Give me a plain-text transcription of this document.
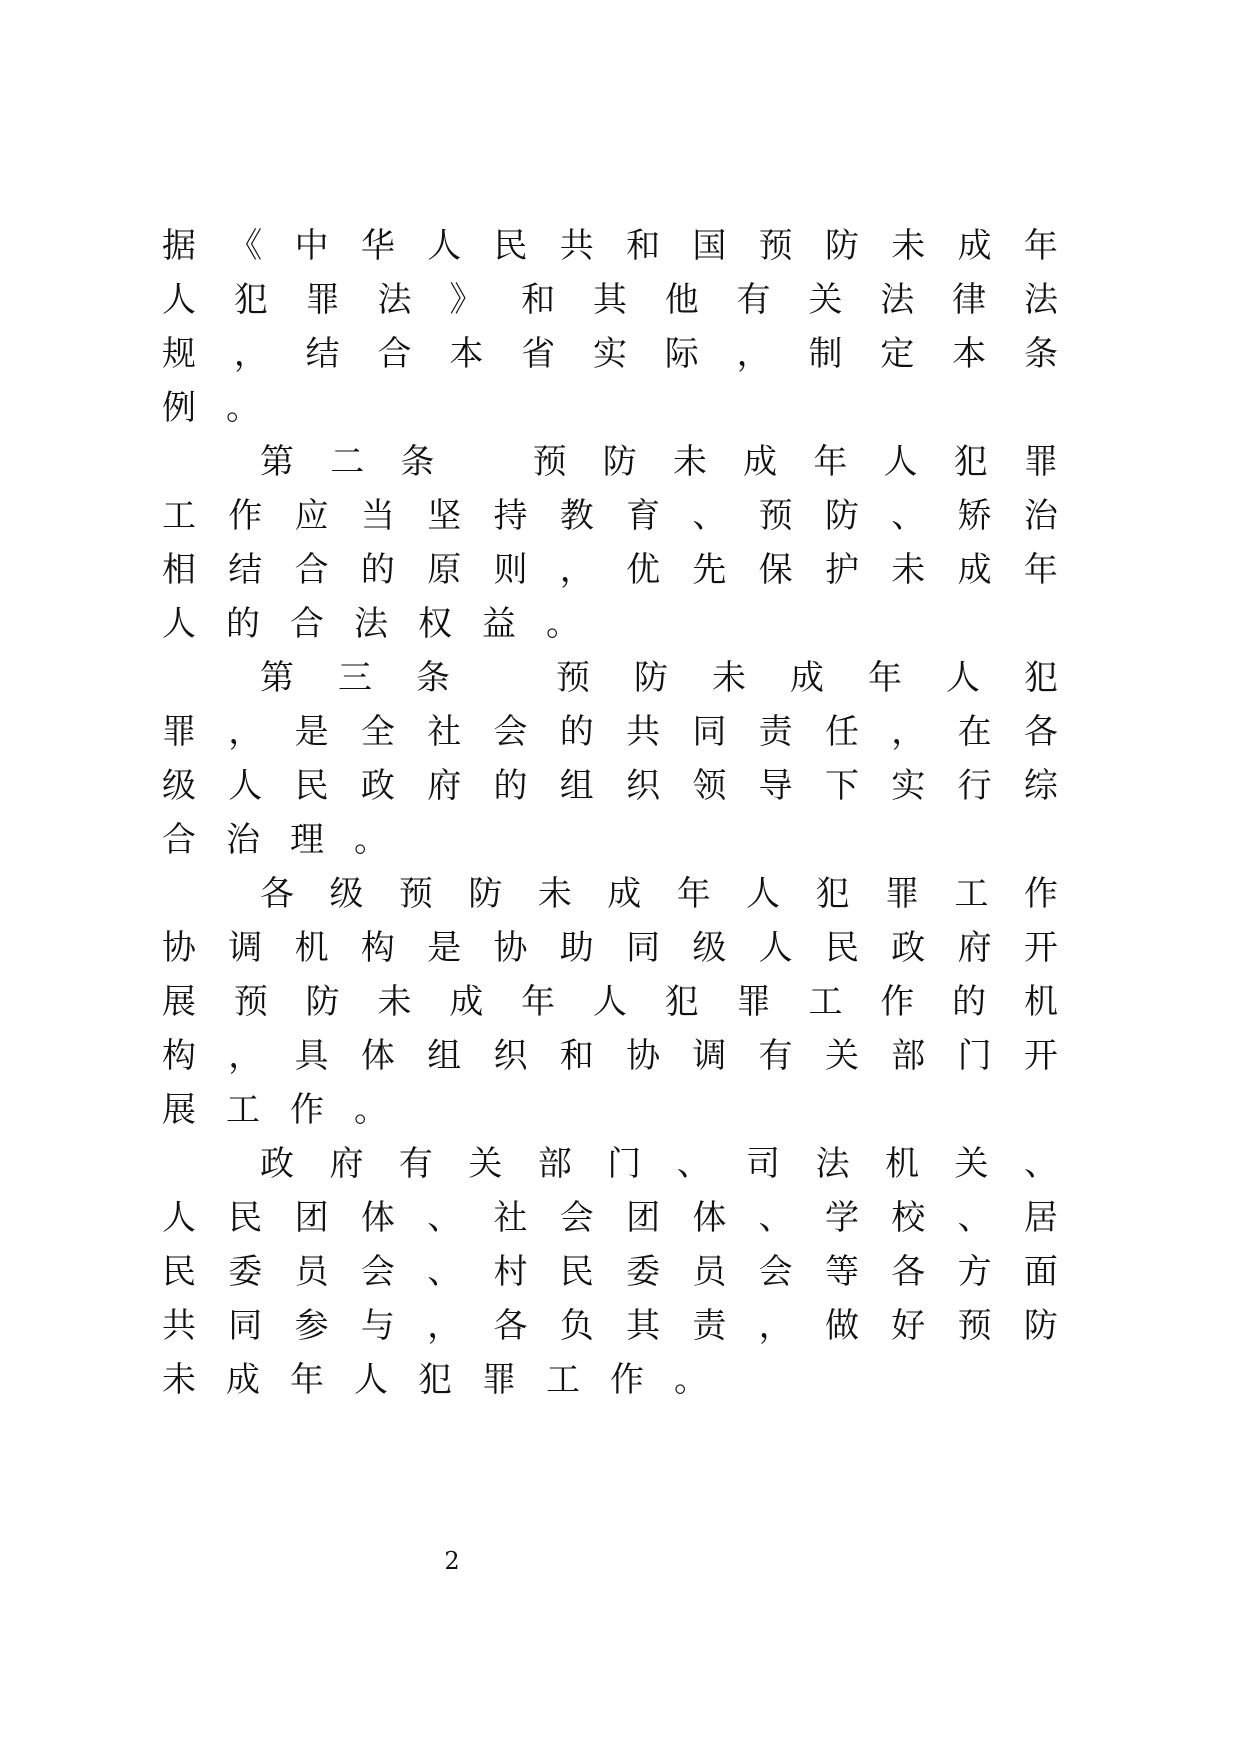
据 《 中 华 人 民 共 和 国 预 防 未 成 年
人 犯 罪 法 》 和 其 他 有 关 法 律 法
规 ， 结 合 本 省 实 际 ， 制 定 本 条
例 。
第 二 条	预 防 未 成 年 人 犯 罪
工 作 应 当 坚 持 教 育 、 预 防 、 矫 治
相 结 合 的 原 则 ， 优 先 保 护 未 成 年
人 的 合 法 权 益 。
第 三 条	预 防 未 成 年 人 犯
罪 ， 是 全 社 会 的 共 同 责 任 ， 在 各
级 人 民 政 府 的 组 织 领 导 下 实 行 综
合 治 理 。
各 级 预 防 未 成 年 人 犯 罪 工 作
协 调 机 构 是 协 助 同 级 人 民 政 府 开
展 预 防 未 成 年 人 犯 罪 工 作 的 机
构 ， 具 体 组 织 和 协 调 有 关 部 门 开
展 工 作 。
政 府 有 关 部 门 、 司 法 机 关 、
人 民 团 体 、 社 会 团 体 、 学 校 、 居
民 委 员 会 、 村 民 委 员 会 等 各 方 面
共 同 参 与 ， 各 负 其 责 ， 做 好 预 防
未 成 年 人 犯 罪 工 作 。
2
